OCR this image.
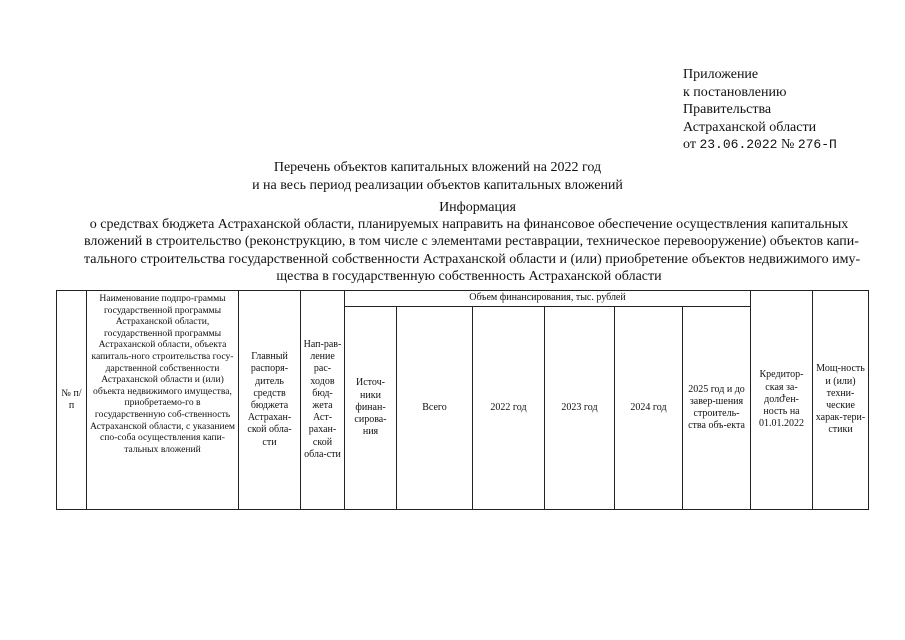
Приложение
к постановлению
Правительства
Астраханской области
от 23.06.2022 № 276-П
Перечень объектов капитальных вложений на 2022 год
и на весь период реализации объектов капитальных вложений
Информация
о средствах бюджета Астраханской области, планируемых направить на финансовое обеспечение осуществления капитальных
вложений в строительство (реконструкцию, в том числе с элементами реставрации, техническое перевооружение) объектов капи-
тального строительства государственной собственности Астраханской области и (или) приобретение объектов недвижимого иму-
щества в государственную собственность Астраханской области
№ п/п	Наименование подпро-граммы государственной программы Астраханской области, государственной программы Астраханской области, объекта капиталь-ного строительства госу-дарственной собственности Астраханской области и (или) объекта недвижимого имущества, приобретаемо-го в государственную соб-ственность Астраханской области, с указанием спо-соба осуществления капи-тальных вложений	Главный распоря-дитель средств бюджета Астрахан-ской обла-сти	Нап-рав-ление рас-ходов бюд-жета Аст-рахан-ской обла-сти	Объем финансирования, тыс. рублей						Кредитор-ская за-долժен-ность на 01.01.2022	Мощ-ность и (или) техни-ческие харак-тери-стики
				Источ-ники финан-сирова-ния	Всего	2022 год	2023 год	2024 год	2025 год и до завер-шения строитель-ства объ-екта		
